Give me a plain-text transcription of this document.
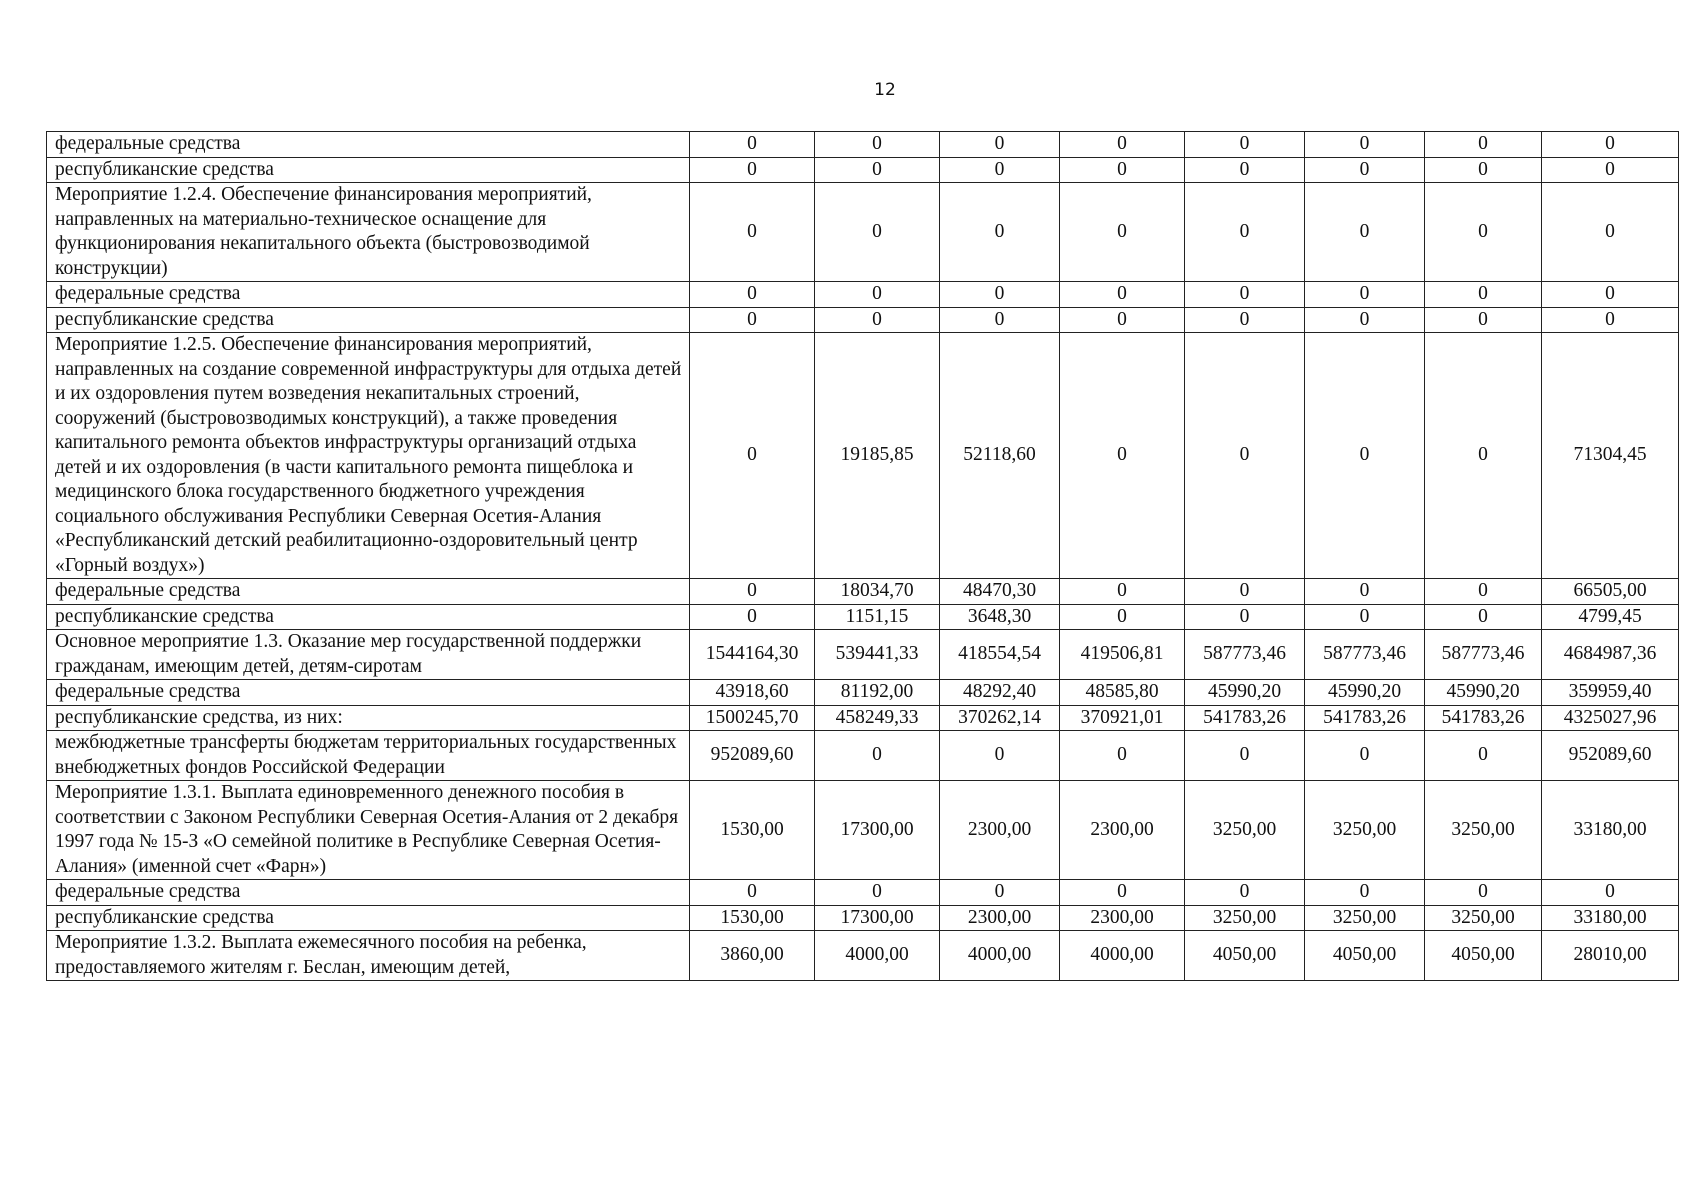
12
федеральные средства	0	0	0	0	0	0	0	0
республиканские средства	0	0	0	0	0	0	0	0
Мероприятие 1.2.4. Обеспечение финансирования мероприятий, направленных на материально-техническое оснащение для функционирования некапитального объекта (быстровозводимой конструкции)	0	0	0	0	0	0	0	0
федеральные средства	0	0	0	0	0	0	0	0
республиканские средства	0	0	0	0	0	0	0	0
Мероприятие 1.2.5. Обеспечение финансирования мероприятий, направленных на создание современной инфраструктуры для отдыха детей и их оздоровления путем возведения некапитальных строений, сооружений (быстровозводимых конструкций), а также проведения капитального ремонта объектов инфраструктуры организаций отдыха детей и их оздоровления (в части капитального ремонта пищеблока и медицинского блока государственного бюджетного учреждения социального обслуживания Республики Северная Осетия-Алания «Республиканский детский реабилитационно-оздоровительный центр «Горный воздух»)	0	19185,85	52118,60	0	0	0	0	71304,45
федеральные средства	0	18034,70	48470,30	0	0	0	0	66505,00
республиканские средства	0	1151,15	3648,30	0	0	0	0	4799,45
Основное мероприятие 1.3. Оказание мер государственной поддержки гражданам, имеющим детей, детям-сиротам	1544164,30	539441,33	418554,54	419506,81	587773,46	587773,46	587773,46	4684987,36
федеральные средства	43918,60	81192,00	48292,40	48585,80	45990,20	45990,20	45990,20	359959,40
республиканские средства, из них:	1500245,70	458249,33	370262,14	370921,01	541783,26	541783,26	541783,26	4325027,96
межбюджетные трансферты бюджетам территориальных государственных внебюджетных фондов Российской Федерации	952089,60	0	0	0	0	0	0	952089,60
Мероприятие 1.3.1. Выплата единовременного денежного пособия в соответствии с Законом Республики Северная Осетия-Алания от 2 декабря 1997 года № 15-З «О семейной политике в Республике Северная Осетия-Алания» (именной счет «Фарн»)	1530,00	17300,00	2300,00	2300,00	3250,00	3250,00	3250,00	33180,00
федеральные средства	0	0	0	0	0	0	0	0
республиканские средства	1530,00	17300,00	2300,00	2300,00	3250,00	3250,00	3250,00	33180,00
Мероприятие 1.3.2. Выплата ежемесячного пособия на ребенка, предоставляемого жителям г. Беслан, имеющим детей,	3860,00	4000,00	4000,00	4000,00	4050,00	4050,00	4050,00	28010,00
